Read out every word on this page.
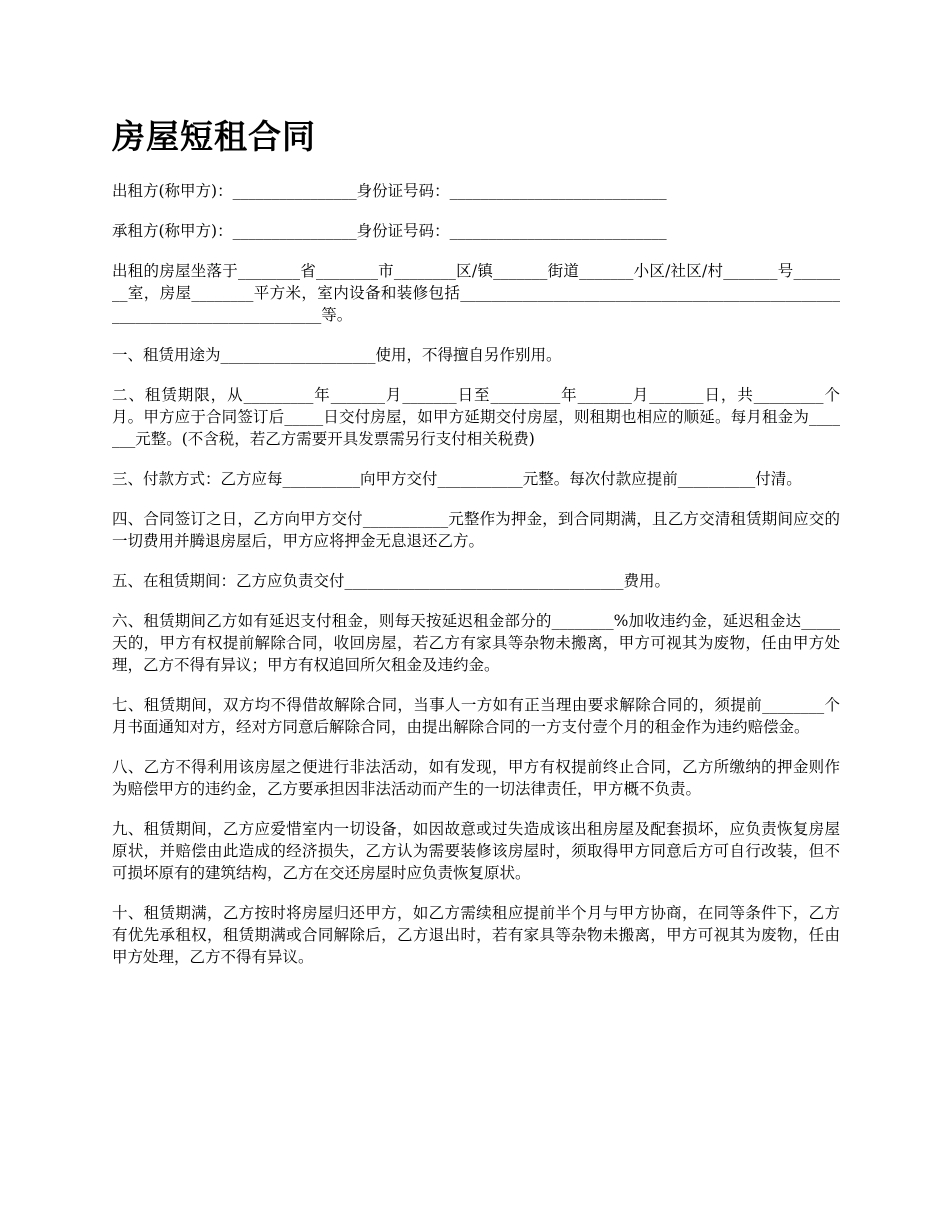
房屋短租合同

出租方(称甲方)：________________身份证号码：____________________________

承租方(称甲方)：________________身份证号码：____________________________

出租的房屋坐落于________省________市________区/镇_______街道_______小区/社区/村_______号________室，房屋________平方米，室内设备和装修包括____________________________________________________________________________等。

一、租赁用途为____________________使用，不得擅自另作别用。

二、租赁期限，从_________年_______月_______日至_________年_______月_______日，共_________个月。甲方应于合同签订后_____日交付房屋，如甲方延期交付房屋，则租期也相应的顺延。每月租金为_______元整。(不含税，若乙方需要开具发票需另行支付相关税费)

三、付款方式：乙方应每__________向甲方交付___________元整。每次付款应提前__________付清。

四、合同签订之日，乙方向甲方交付___________元整作为押金，到合同期满，且乙方交清租赁期间应交的一切费用并腾退房屋后，甲方应将押金无息退还乙方。

五、在租赁期间：乙方应负责交付____________________________________费用。

六、租赁期间乙方如有延迟支付租金，则每天按延迟租金部分的________%加收违约金，延迟租金达_____天的，甲方有权提前解除合同，收回房屋，若乙方有家具等杂物未搬离，甲方可视其为废物，任由甲方处理，乙方不得有异议；甲方有权追回所欠租金及违约金。

七、租赁期间，双方均不得借故解除合同，当事人一方如有正当理由要求解除合同的，须提前________个月书面通知对方，经对方同意后解除合同，由提出解除合同的一方支付壹个月的租金作为违约赔偿金。

八、乙方不得利用该房屋之便进行非法活动，如有发现，甲方有权提前终止合同，乙方所缴纳的押金则作为赔偿甲方的违约金，乙方要承担因非法活动而产生的一切法律责任，甲方概不负责。

九、租赁期间，乙方应爱惜室内一切设备，如因故意或过失造成该出租房屋及配套损坏，应负责恢复房屋原状，并赔偿由此造成的经济损失，乙方认为需要装修该房屋时，须取得甲方同意后方可自行改装，但不可损坏原有的建筑结构，乙方在交还房屋时应负责恢复原状。

十、租赁期满，乙方按时将房屋归还甲方，如乙方需续租应提前半个月与甲方协商，在同等条件下，乙方有优先承租权，租赁期满或合同解除后，乙方退出时，若有家具等杂物未搬离，甲方可视其为废物，任由甲方处理，乙方不得有异议。
